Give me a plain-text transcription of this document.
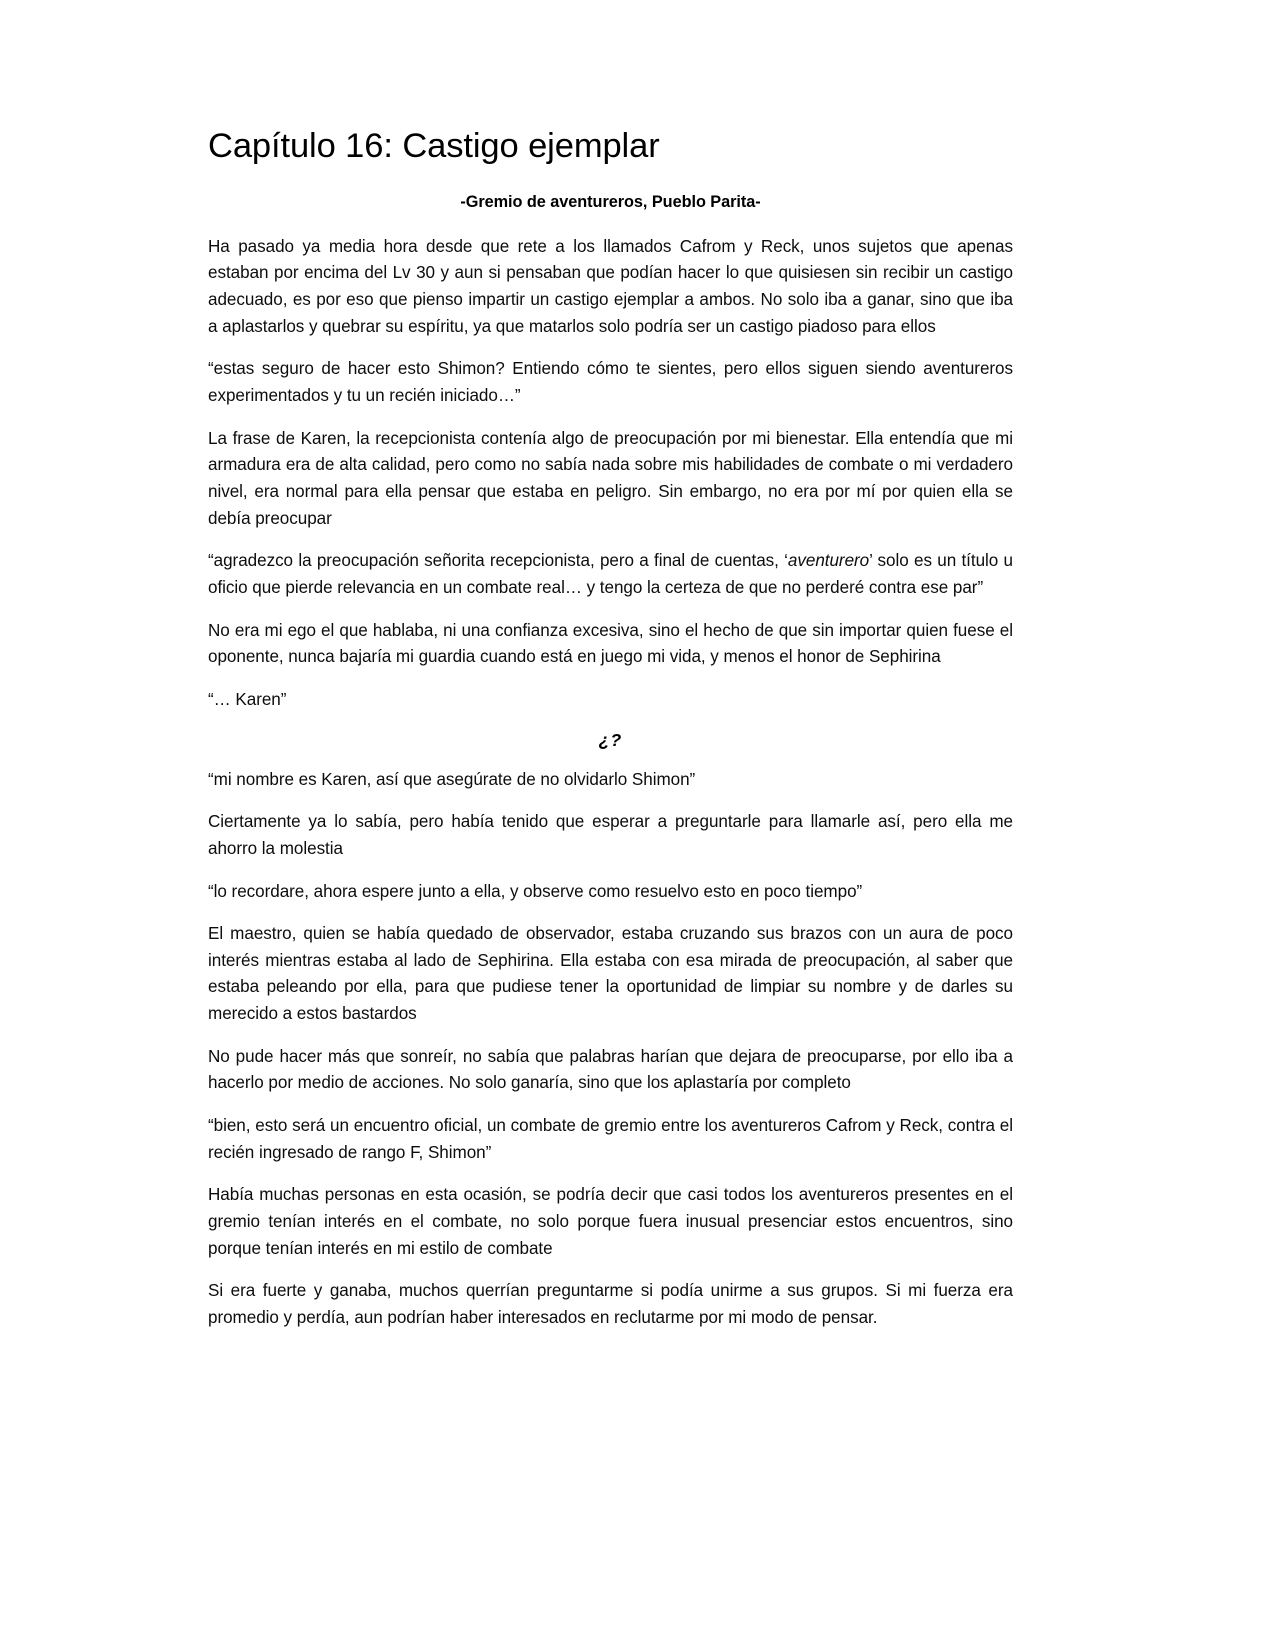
Capítulo 16: Castigo ejemplar
-Gremio de aventureros, Pueblo Parita-

Ha pasado ya media hora desde que rete a los llamados Cafrom y Reck, unos sujetos que apenas estaban por encima del Lv 30 y aun si pensaban que podían hacer lo que quisiesen sin recibir un castigo adecuado, es por eso que pienso impartir un castigo ejemplar a ambos. No solo iba a ganar, sino que iba a aplastarlos y quebrar su espíritu, ya que matarlos solo podría ser un castigo piadoso para ellos

“estas seguro de hacer esto Shimon? Entiendo cómo te sientes, pero ellos siguen siendo aventureros experimentados y tu un recién iniciado…”

La frase de Karen, la recepcionista contenía algo de preocupación por mi bienestar. Ella entendía que mi armadura era de alta calidad, pero como no sabía nada sobre mis habilidades de combate o mi verdadero nivel, era normal para ella pensar que estaba en peligro. Sin embargo, no era por mí por quien ella se debía preocupar

“agradezco la preocupación señorita recepcionista, pero a final de cuentas, ‘aventurero’ solo es un título u oficio que pierde relevancia en un combate real… y tengo la certeza de que no perderé contra ese par”

No era mi ego el que hablaba, ni una confianza excesiva, sino el hecho de que sin importar quien fuese el oponente, nunca bajaría mi guardia cuando está en juego mi vida, y menos el honor de Sephirina

“… Karen”

¿?

“mi nombre es Karen, así que asegúrate de no olvidarlo Shimon”

Ciertamente ya lo sabía, pero había tenido que esperar a preguntarle para llamarle así, pero ella me ahorro la molestia

“lo recordare, ahora espere junto a ella, y observe como resuelvo esto en poco tiempo”

El maestro, quien se había quedado de observador, estaba cruzando sus brazos con un aura de poco interés mientras estaba al lado de Sephirina. Ella estaba con esa mirada de preocupación, al saber que estaba peleando por ella, para que pudiese tener la oportunidad de limpiar su nombre y de darles su merecido a estos bastardos

No pude hacer más que sonreír, no sabía que palabras harían que dejara de preocuparse, por ello iba a hacerlo por medio de acciones. No solo ganaría, sino que los aplastaría por completo

“bien, esto será un encuentro oficial, un combate de gremio entre los aventureros Cafrom y Reck, contra el recién ingresado de rango F, Shimon”

Había muchas personas en esta ocasión, se podría decir que casi todos los aventureros presentes en el gremio tenían interés en el combate, no solo porque fuera inusual presenciar estos encuentros, sino porque tenían interés en mi estilo de combate

Si era fuerte y ganaba, muchos querrían preguntarme si podía unirme a sus grupos. Si mi fuerza era promedio y perdía, aun podrían haber interesados en reclutarme por mi modo de pensar.
